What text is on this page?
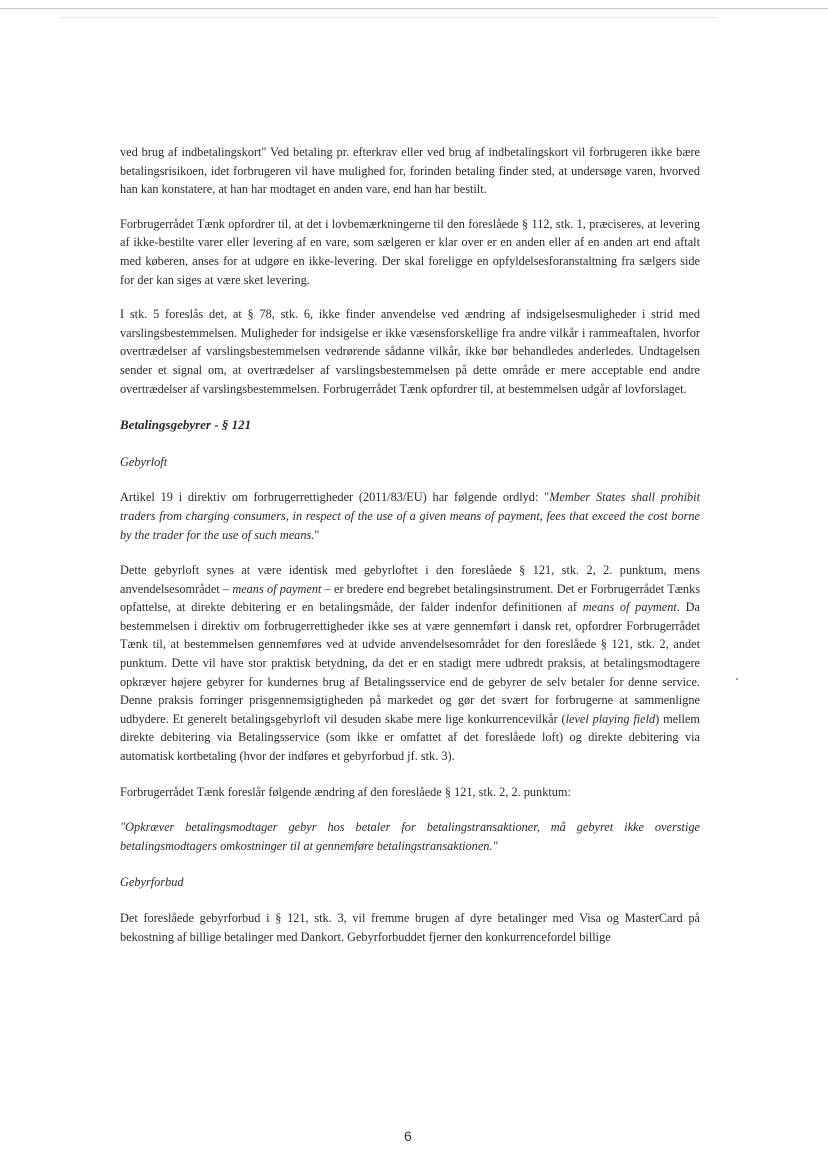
ved brug af indbetalingskort" Ved betaling pr. efterkrav eller ved brug af indbetalingskort vil forbrugeren ikke bære betalingsrisikoen, idet forbrugeren vil have mulighed for, forinden betaling finder sted, at undersøge varen, hvorved han kan konstatere, at han har modtaget en anden vare, end han har bestilt.

Forbrugerrådet Tænk opfordrer til, at det i lovbemærkningerne til den foreslåede § 112, stk. 1, præciseres, at levering af ikke-bestilte varer eller levering af en vare, som sælgeren er klar over er en anden eller af en anden art end aftalt med køberen, anses for at udgøre en ikke-levering. Der skal foreligge en opfyldelsesforanstaltning fra sælgers side for der kan siges at være sket levering.

I stk. 5 foreslås det, at § 78, stk. 6, ikke finder anvendelse ved ændring af indsigelsesmuligheder i strid med varslingsbestemmelsen. Muligheder for indsigelse er ikke væsensforskellige fra andre vilkår i rammeaftalen, hvorfor overtrædelser af varslingsbestemmelsen vedrørende sådanne vilkår, ikke bør behandledes anderledes. Undtagelsen sender et signal om, at overtrædelser af varslingsbestemmelsen på dette område er mere acceptable end andre overtrædelser af varslingsbestemmelsen. Forbrugerrådet Tænk opfordrer til, at bestemmelsen udgår af lovforslaget.

Betalingsgebyrer - § 121

Gebyrloft

Artikel 19 i direktiv om forbrugerrettigheder (2011/83/EU) har følgende ordlyd: "Member States shall prohibit traders from charging consumers, in respect of the use of a given means of payment, fees that exceed the cost borne by the trader for the use of such means."

Dette gebyrloft synes at være identisk med gebyrloftet i den foreslåede § 121, stk. 2, 2. punktum, mens anvendelsesområdet – means of payment – er bredere end begrebet betalingsinstrument. Det er Forbrugerrådet Tænks opfattelse, at direkte debitering er en betalingsmåde, der falder indenfor definitionen af means of payment. Da bestemmelsen i direktiv om forbrugerrettigheder ikke ses at være gennemført i dansk ret, opfordrer Forbrugerrådet Tænk til, at bestemmelsen gennemføres ved at udvide anvendelsesområdet for den foreslåede § 121, stk. 2, andet punktum. Dette vil have stor praktisk betydning, da det er en stadigt mere udbredt praksis, at betalingsmodtagere opkræver højere gebyrer for kundernes brug af Betalingsservice end de gebyrer de selv betaler for denne service. Denne praksis forringer prisgennemsigtigheden på markedet og gør det svært for forbrugerne at sammenligne udbydere. Et generelt betalingsgebyrloft vil desuden skabe mere lige konkurrencevilkår (level playing field) mellem direkte debitering via Betalingsservice (som ikke er omfattet af det foreslåede loft) og direkte debitering via automatisk kortbetaling (hvor der indføres et gebyrforbud jf. stk. 3).

Forbrugerrådet Tænk foreslår følgende ændring af den foreslåede § 121, stk. 2, 2. punktum:

"Opkræver betalingsmodtager gebyr hos betaler for betalingstransaktioner, må gebyret ikke overstige betalingsmodtagers omkostninger til at gennemføre betalingstransaktionen."

Gebyrforbud

Det foreslåede gebyrforbud i § 121, stk. 3, vil fremme brugen af dyre betalinger med Visa og MasterCard på bekostning af billige betalinger med Dankort. Gebyrforbuddet fjerner den konkurrencefordel billige

6
